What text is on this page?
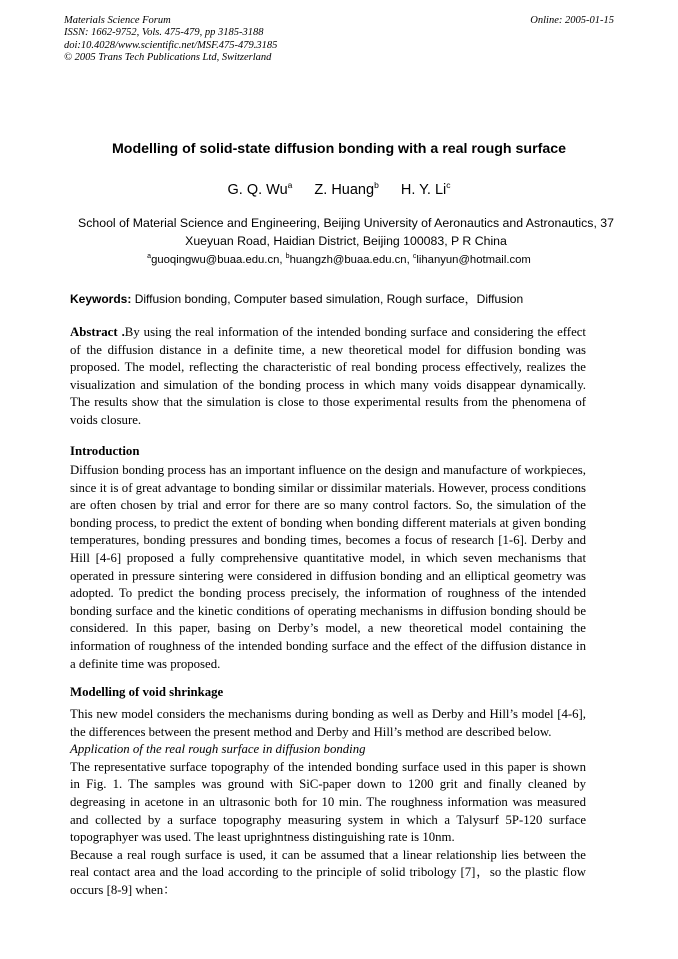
Materials Science Forum
ISSN: 1662-9752, Vols. 475-479, pp 3185-3188
doi:10.4028/www.scientific.net/MSF.475-479.3185
© 2005 Trans Tech Publications Ltd, Switzerland
Online: 2005-01-15
Modelling of solid-state diffusion bonding with a real rough surface
G. Q. Wu$^a$ Z. Huang$^b$ H. Y. Li$^c$
School of Material Science and Engineering, Beijing University of Aeronautics and Astronautics, 37 Xueyuan Road, Haidian District, Beijing 100083, P R China
$^a$guoqingwu@buaa.edu.cn, $^b$huangzh@buaa.edu.cn, $^c$lihanyun@hotmail.com
Keywords: Diffusion bonding, Computer based simulation, Rough surface，Diffusion

Abstract .By using the real information of the intended bonding surface and considering the effect of the diffusion distance in a definite time, a new theoretical model for diffusion bonding was proposed. The model, reflecting the characteristic of real bonding process effectively, realizes the visualization and simulation of the bonding process in which many voids disappear dynamically. The results show that the simulation is close to those experimental results from the phenomena of voids closure.

Introduction

Diffusion bonding process has an important influence on the design and manufacture of workpieces, since it is of great advantage to bonding similar or dissimilar materials. However, process conditions are often chosen by trial and error for there are so many control factors. So, the simulation of the bonding process, to predict the extent of bonding when bonding different materials at given bonding temperatures, bonding pressures and bonding times, becomes a focus of research [1-6]. Derby and Hill [4-6] proposed a fully comprehensive quantitative model, in which seven mechanisms that operated in pressure sintering were considered in diffusion bonding and an elliptical geometry was adopted. To predict the bonding process precisely, the information of roughness of the intended bonding surface and the kinetic conditions of operating mechanisms in diffusion bonding should be considered. In this paper, basing on Derby’s model, a new theoretical model containing the information of roughness of the intended bonding surface and the effect of the diffusion distance in a definite time was proposed.

Modelling of void shrinkage

This new model considers the mechanisms during bonding as well as Derby and Hill’s model [4-6], the differences between the present method and Derby and Hill’s method are described below.
Application of the real rough surface in diffusion bonding
The representative surface topography of the intended bonding surface used in this paper is shown in Fig. 1. The samples was ground with SiC-paper down to 1200 grit and finally cleaned by degreasing in acetone in an ultrasonic both for 10 min. The roughness information was measured and collected by a surface topography measuring system in which a Talysurf 5P-120 surface topographyer was used. The least uprighntness distinguishing rate is 10nm.
Because a real rough surface is used, it can be assumed that a linear relationship lies between the real contact area and the load according to the principle of solid tribology [7]，so the plastic flow occurs [8-9] when：
